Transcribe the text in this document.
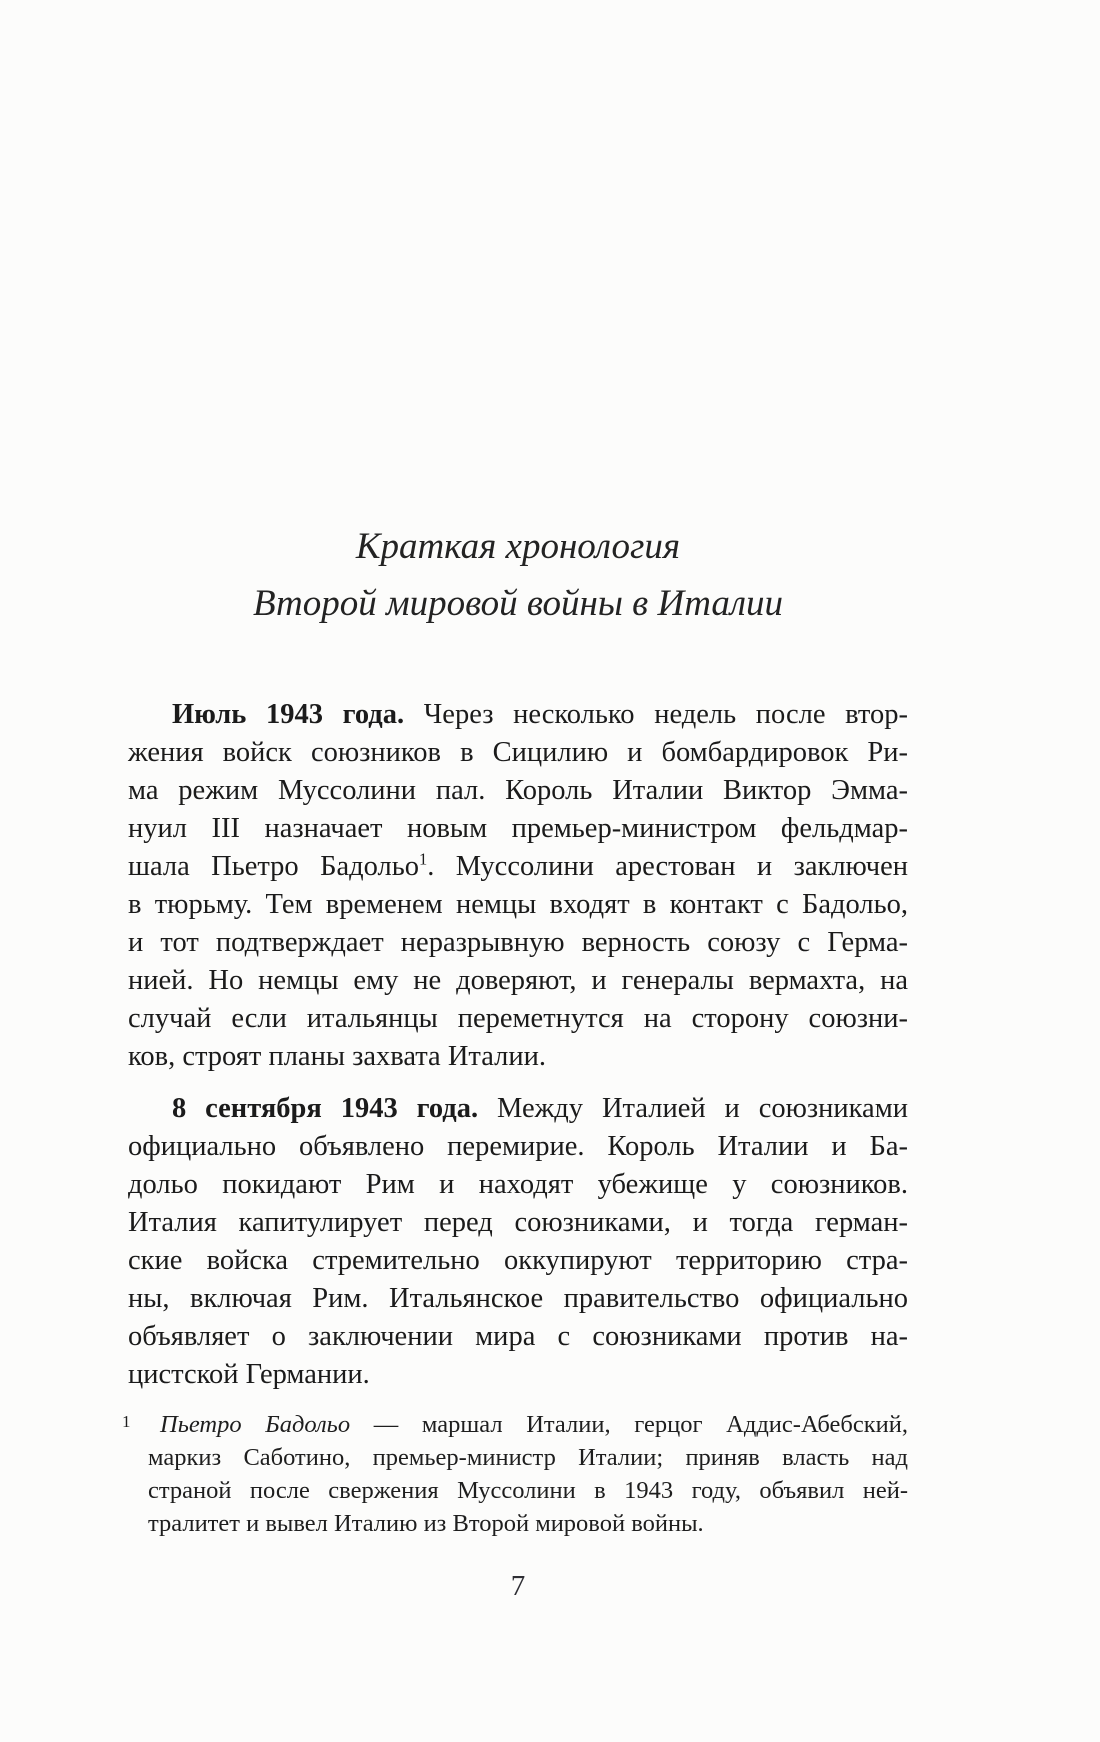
Краткая хронология
Второй мировой войны в Италии
Июль 1943 года. Через несколько недель после втор-
жения войск союзников в Сицилию и бомбардировок Ри-
ма режим Муссолини пал. Король Италии Виктор Эмма-
нуил III назначает новым премьер-министром фельдмар-
шала Пьетро Бадольо$^1$. Муссолини арестован и заключен
в тюрьму. Тем временем немцы входят в контакт с Бадольо,
и тот подтверждает неразрывную верность союзу с Герма-
нией. Но немцы ему не доверяют, и генералы вермахта, на
случай если итальянцы переметнутся на сторону союзни-
ков, строят планы захвата Италии.
8 сентября 1943 года. Между Италией и союзниками
официально объявлено перемирие. Король Италии и Ба-
дольо покидают Рим и находят убежище у союзников.
Италия капитулирует перед союзниками, и тогда герман-
ские войска стремительно оккупируют территорию стра-
ны, включая Рим. Итальянское правительство официально
объявляет о заключении мира с союзниками против на-
цистской Германии.
1	Пьетро Бадольо — маршал Италии, герцог Аддис-Абебский,
маркиз Саботино, премьер-министр Италии; приняв власть над
страной после свержения Муссолини в 1943 году, объявил ней-
тралитет и вывел Италию из Второй мировой войны.
7
